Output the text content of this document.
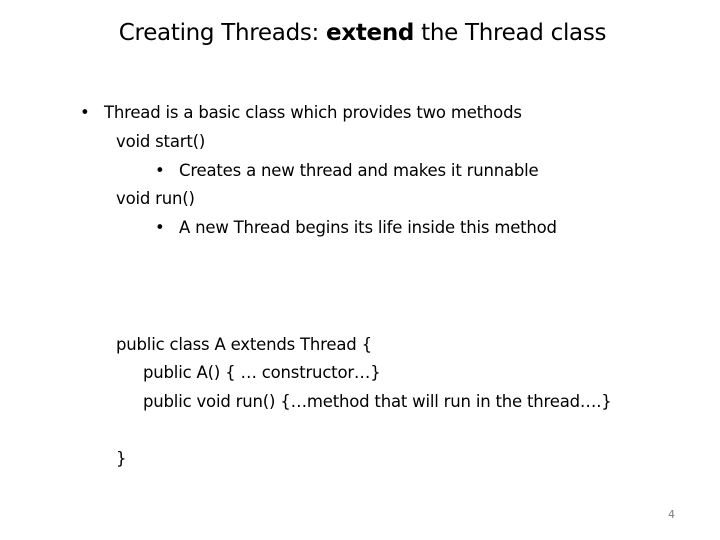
Creating Threads: extend the Thread class
• Thread is a basic class which provides two methods
void start()
• Creates a new thread and makes it runnable
void run()
• A new Thread begins its life inside this method
public class A extends Thread {
public A() { … constructor…}
public void run() {…method that will run in the thread….}
}
4
